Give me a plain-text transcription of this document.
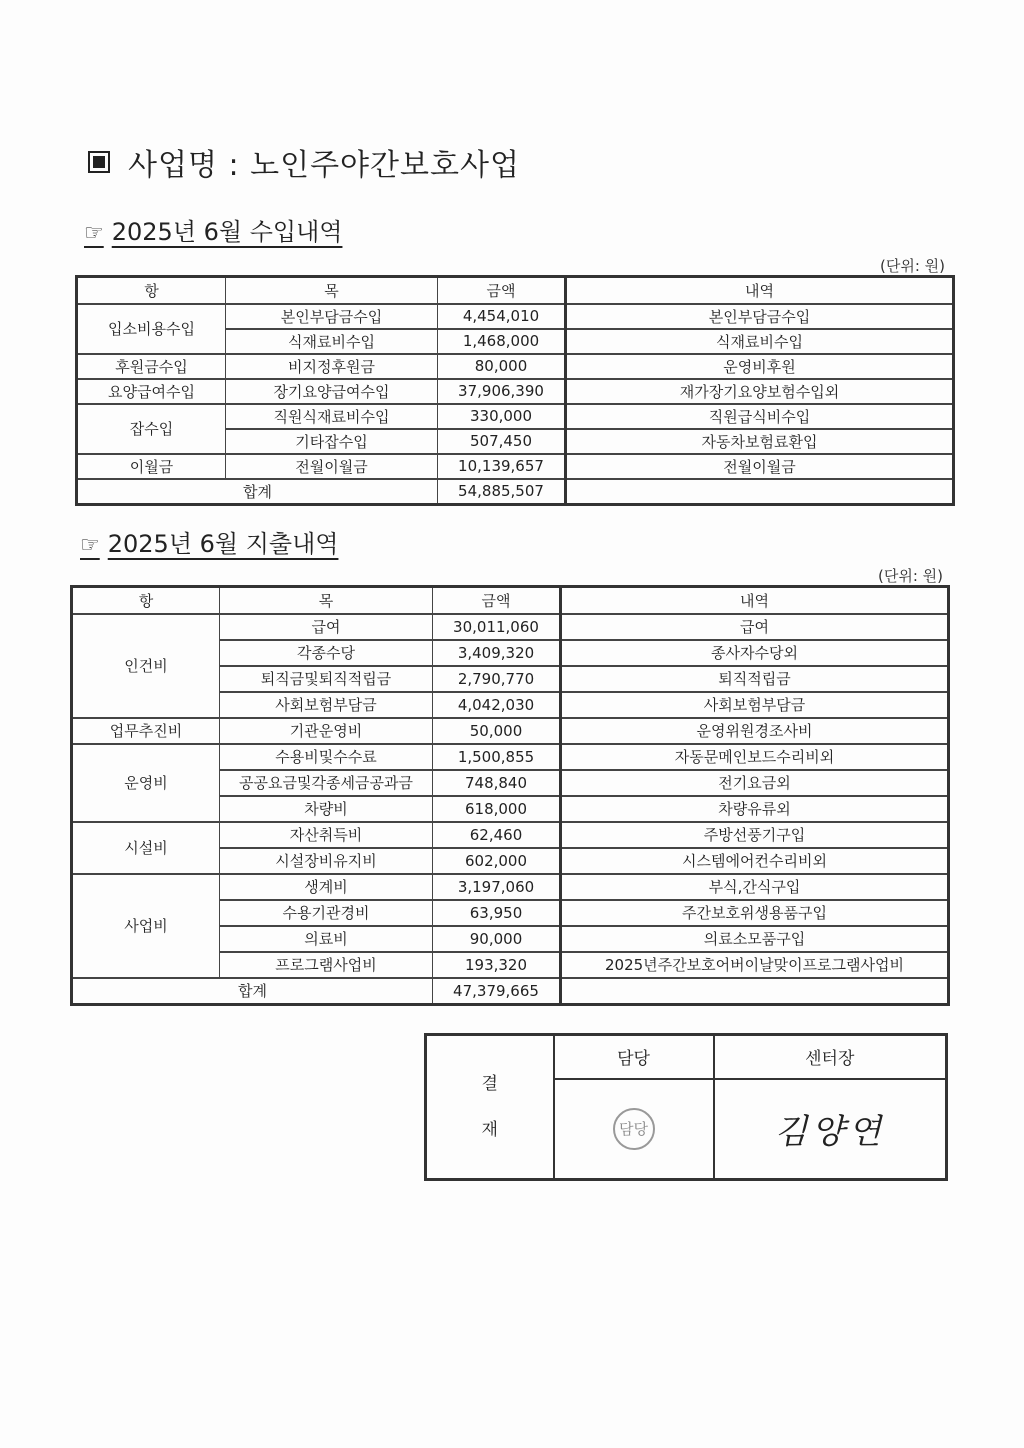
사업명 : 노인주야간보호사업
☞ 2025년 6월 수입내역
(단위: 원)
항	목	금액	내역
입소비용수입	본인부담금수입	4,454,010	본인부담금수입
	식재료비수입	1,468,000	식재료비수입
후원금수입	비지정후원금	80,000	운영비후원
요양급여수입	장기요양급여수입	37,906,390	재가장기요양보험수입외
잡수입	직원식재료비수입	330,000	직원급식비수입
	기타잡수입	507,450	자동차보험료환입
이월금	전월이월금	10,139,657	전월이월금
합계		54,885,507	
☞ 2025년 6월 지출내역
(단위: 원)
항	목	금액	내역
인건비	급여	30,011,060	급여
	각종수당	3,409,320	종사자수당외
	퇴직금및퇴직적립금	2,790,770	퇴직적립금
	사회보험부담금	4,042,030	사회보험부담금
업무추진비	기관운영비	50,000	운영위원경조사비
운영비	수용비및수수료	1,500,855	자동문메인보드수리비외
	공공요금및각종세금공과금	748,840	전기요금외
	차량비	618,000	차량유류외
시설비	자산취득비	62,460	주방선풍기구입
	시설장비유지비	602,000	시스템에어컨수리비외
사업비	생계비	3,197,060	부식,간식구입
	수용기관경비	63,950	주간보호위생용품구입
	의료비	90,000	의료소모품구입
	프로그램사업비	193,320	2025년주간보호어버이날맞이프로그램사업비
합계		47,379,665	
결
재	담당	센터장
	담당	김양연
